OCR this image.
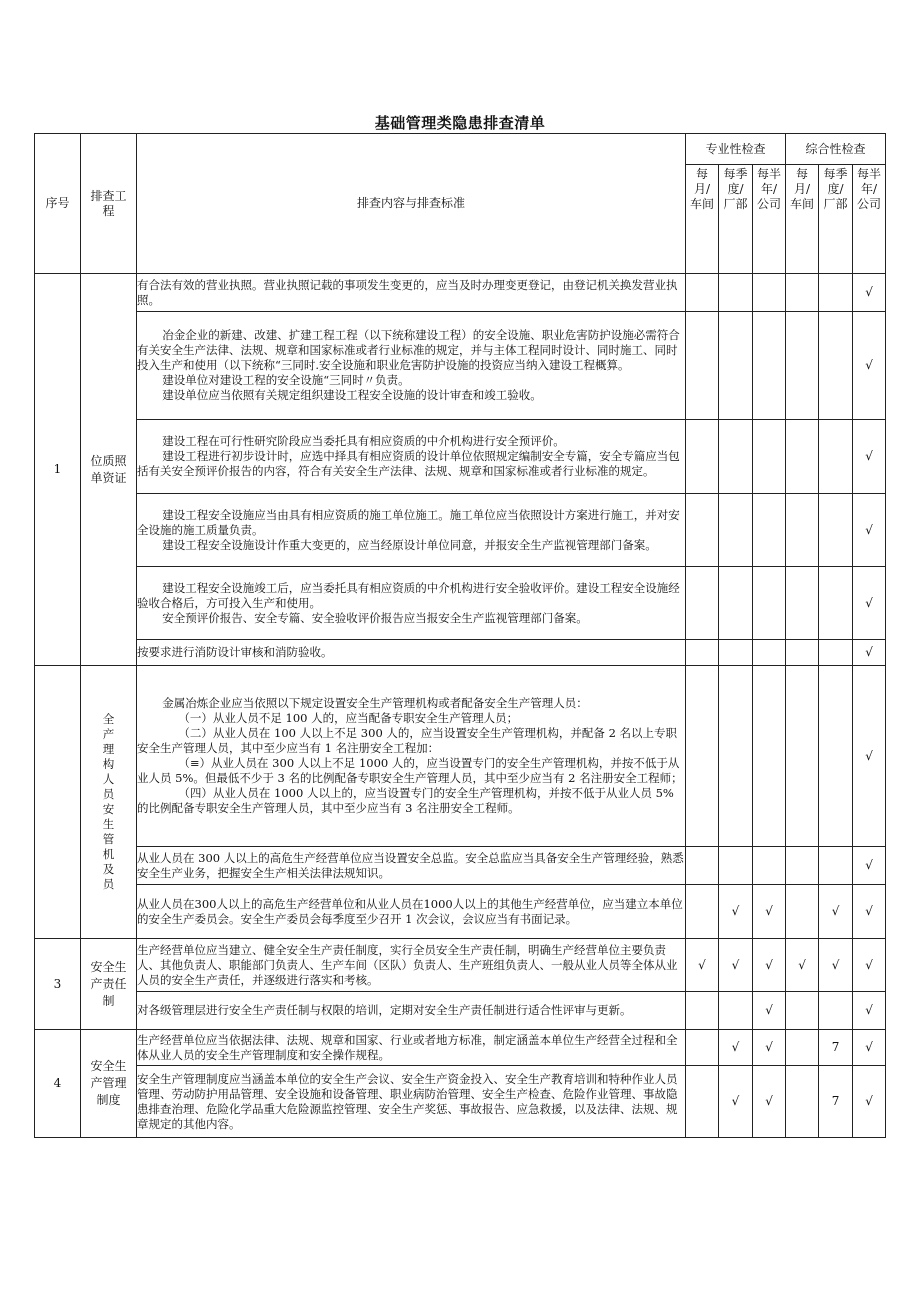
基础管理类隐患排查清单
序号	排查工程	排查内容与排查标准	专业性检查			综合性检查		

			每月/车间	每季度/厂部	每半年/公司	每月/车间	每季度/厂部	每半年/公司

1	位质照单资证	有合法有效的营业执照。营业执照记载的事项发生变更的，应当及时办理变更登记，由登记机关换发营业执照。						√

		冶金企业的新建、改建、扩建工程工程（以下统称建设工程）的安全设施、职业危害防护设施必需符合有关安全生产法律、法规、规章和国家标准或者行业标准的规定，并与主体工程同时设计、同时施工、同时投入生产和使用（以下统称“三同时.安全设施和职业危害防护设施的投资应当纳入建设工程概算。

建设单位对建设工程的安全设施“三同时〃负责。

建设单位应当依照有关规定组织建设工程安全设施的设计审查和竣工验收。						√

		建设工程在可行性研究阶段应当委托具有相应资质的中介机构进行安全预评价。

建设工程进行初步设计时，应选中择具有相应资质的设计单位依照规定编制安全专篇，安全专篇应当包括有关安全预评价报告的内容，符合有关安全生产法律、法规、规章和国家标准或者行业标准的规定。						√

		建设工程安全设施应当由具有相应资质的施工单位施工。施工单位应当依照设计方案进行施工，并对安全设施的施工质量负责。

建设工程安全设施设计作重大变更的，应当经原设计单位同意，并报安全生产监视管理部门备案。						√

		建设工程安全设施竣工后，应当委托具有相应资质的中介机构进行安全验收评价。建设工程安全设施经验收合格后，方可投入生产和使用。

安全预评价报告、安全专篇、安全验收评价报告应当报安全生产监视管理部门备案。						√

		按要求进行消防设计审核和消防验收。						√

	全产理构人员安生管机及员	金属冶炼企业应当依照以下规定设置安全生产管理机构或者配备安全生产管理人员：

（一）从业人员不足 100 人的，应当配备专职安全生产管理人员；

（二）从业人员在 100 人以上不足 300 人的，应当设置安全生产管理机构，并配备 2 名以上专职安全生产管理人员，其中至少应当有 1 名注册安全工程加：

（≡）从业人员在 300 人以上不足 1000 人的，应当设置专门的安全生产管理机构，并按不低于从业人员 5%。但最低不少于 3 名的比例配备专职安全生产管理人员，其中至少应当有 2 名注册安全工程师；

（四）从业人员在 1000 人以上的，应当设置专门的安全生产管理机构，并按不低于从业人员 5%的比例配备专职安全生产管理人员，其中至少应当有 3 名注册安全工程师。						√

		从业人员在 300 人以上的高危生产经营单位应当设置安全总监。安全总监应当具备安全生产管理经验，熟悉安全生产业务，把握安全生产相关法律法规知识。						√

		从业人员在300人以上的高危生产经营单位和从业人员在1000人以上的其他生产经营单位，应当建立本单位的安全生产委员会。安全生产委员会每季度至少召开 1 次会议，会议应当有书面记录。		√	√		√	√
3	安全生产责任制	生产经营单位应当建立、健全安全生产责任制度，实行全员安全生产责任制，明确生产经营单位主要负责人、其他负责人、职能部门负责人、生产车间（区队）负责人、生产班组负责人、一般从业人员等全体从业人员的安全生产责任，并逐级进行落实和考核。	√	√	√	√	√	√

		对各级管理层进行安全生产责任制与权限的培训，定期对安全生产责任制进行适合性评审与更新。			√			√
4	安全生产管理制度	生产经营单位应当依据法律、法规、规章和国家、行业或者地方标准，制定涵盖本单位生产经营全过程和全体从业人员的安全生产管理制度和安全操作规程。		√	√		7	√

		安全生产管理制度应当涵盖本单位的安全生产会议、安全生产资金投入、安全生产教育培训和特种作业人员管理、劳动防护用品管理、安全设施和设备管理、职业病防治管理、安全生产检查、危险作业管理、事故隐患排查治理、危险化学品重大危险源监控管理、安全生产奖惩、事故报告、应急救援，以及法律、法规、规章规定的其他内容。		√	√		7	√
